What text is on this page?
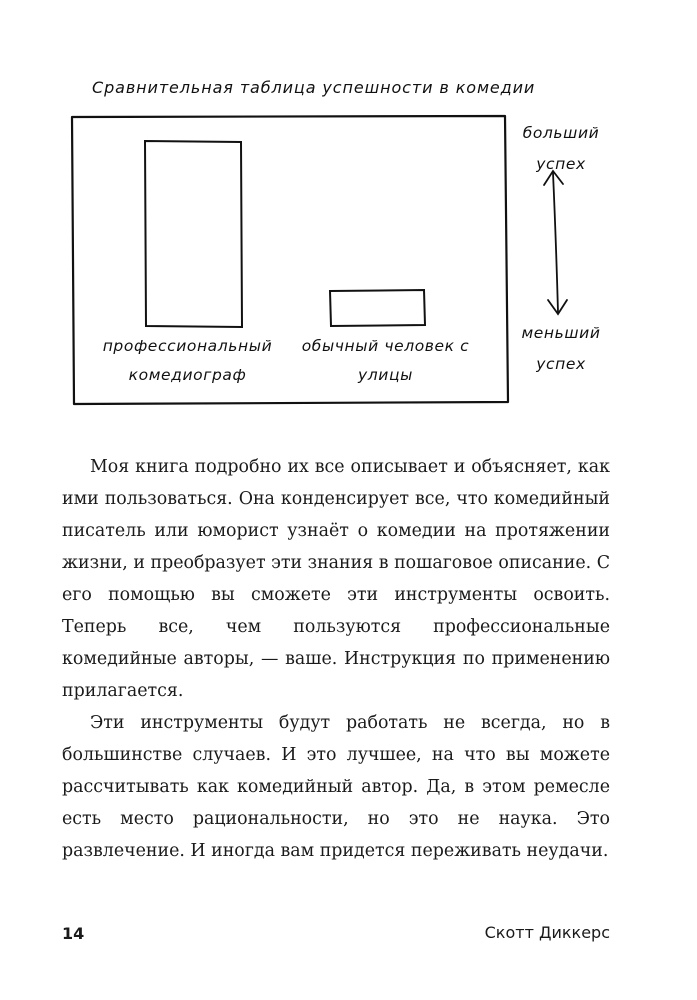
Сравнительная таблица успешности в комедии
профессиональный комедиограф
обычный человек с улицы
больший успех
меньший успех

Моя книга подробно их все описывает и объясняет, как ими пользоваться. Она конденсирует все, что комедийный писатель или юморист узнаёт о комедии на протяжении жизни, и преобразует эти знания в пошаговое описание. С его помощью вы сможете эти инструменты освоить. Теперь все, чем пользуются профессиональные комедийные авторы, — ваше. Инструкция по применению прилагается.

Эти инструменты будут работать не всегда, но в большинстве случаев. И это лучшее, на что вы можете рассчитывать как комедийный автор. Да, в этом ремесле есть место рациональности, но это не наука. Это развлечение. И иногда вам придется переживать неудачи.

14	Скотт Диккерс
